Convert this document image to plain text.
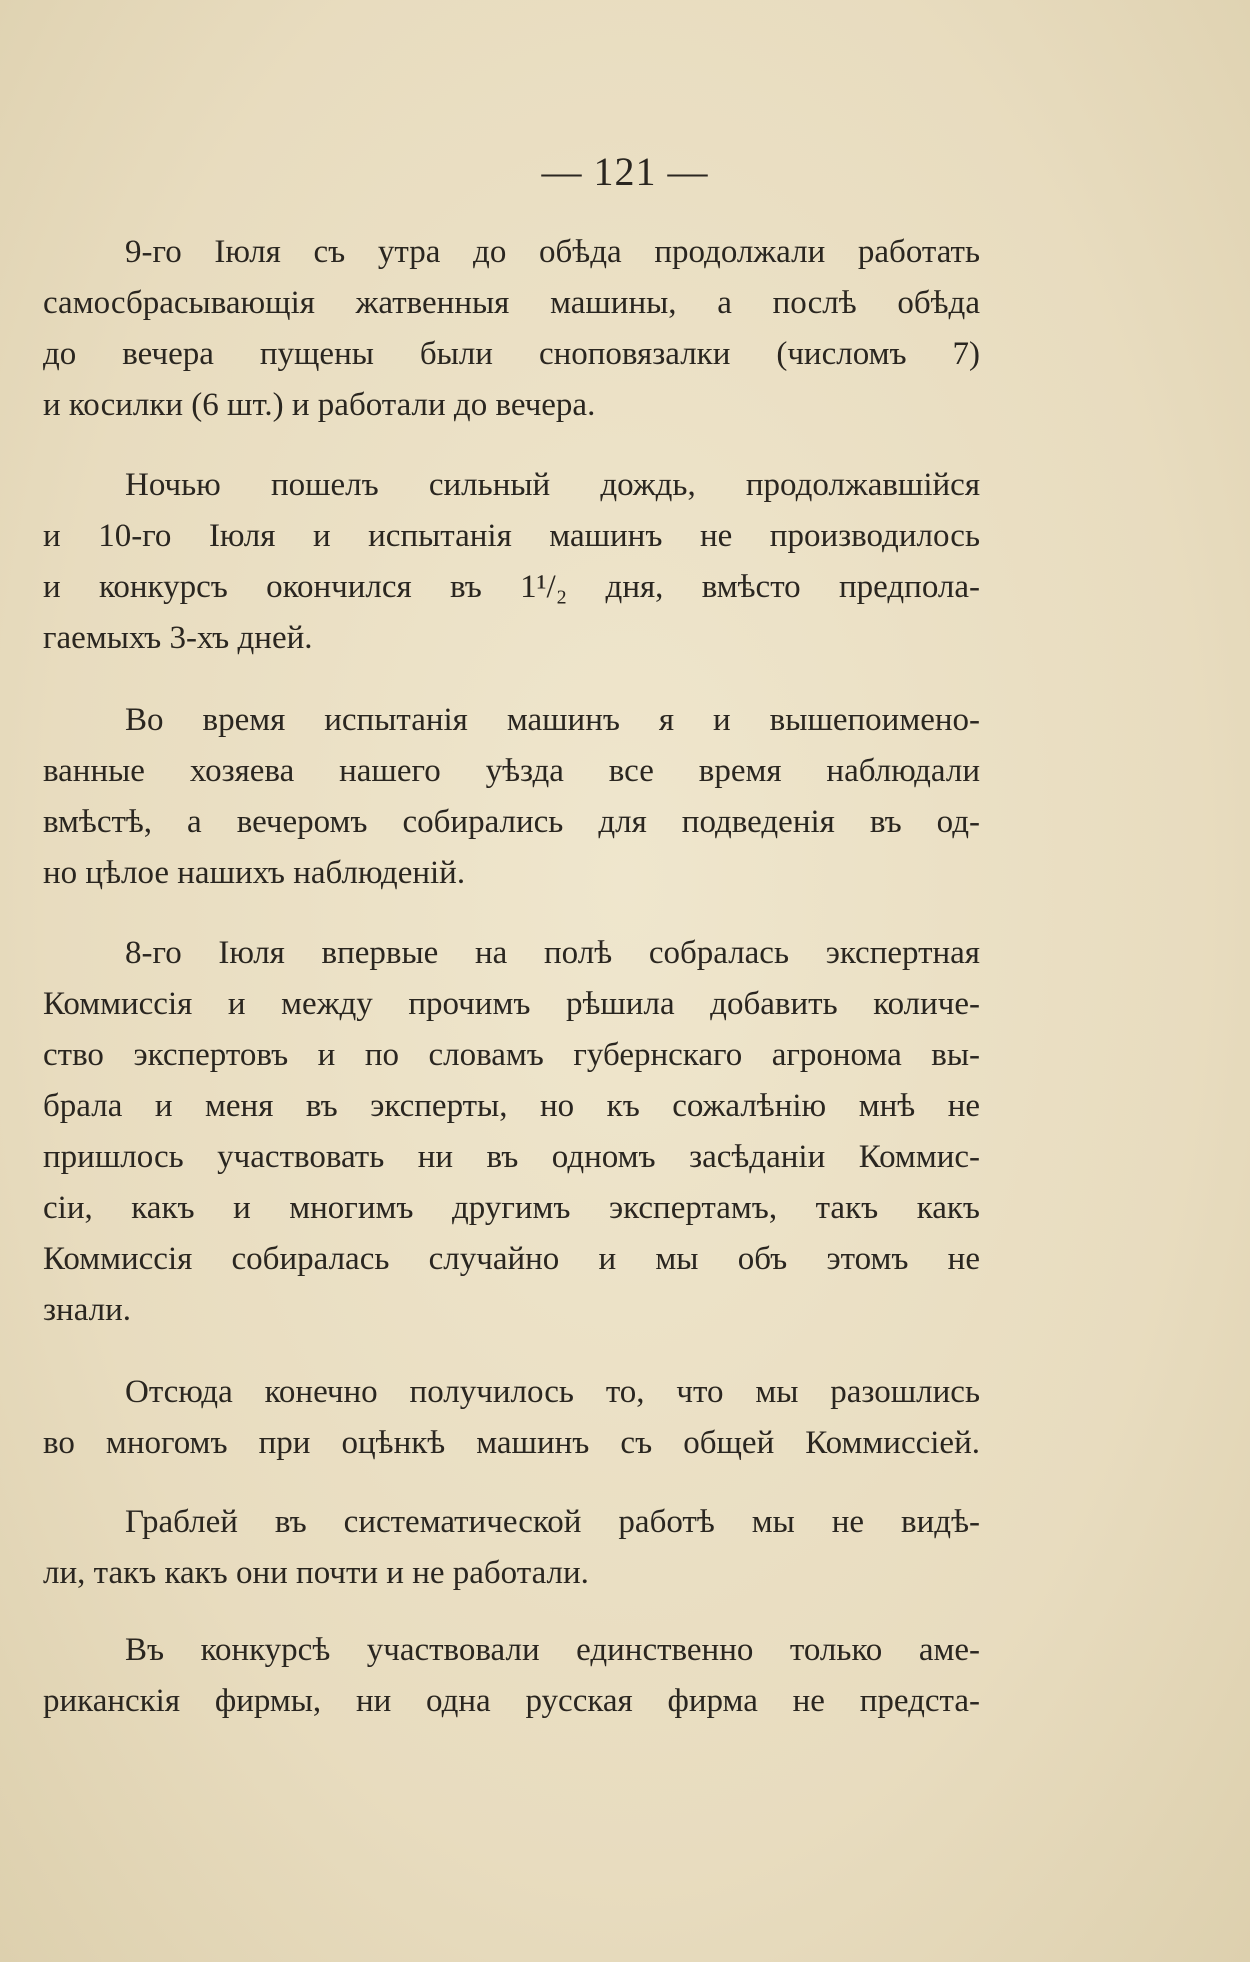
— 121 —
9-го Іюля съ утра до обѣда продолжали работать
самосбрасывающія жатвенныя машины, а послѣ обѣда
до вечера пущены были сноповязалки (числомъ 7)
и косилки (6 шт.) и работали до вечера.
Ночью пошелъ сильный дождь, продолжавшійся
и 10-го Іюля и испытанія машинъ не производилось
и конкурсъ окончился въ 1¹/₂ дня, вмѣсто предпола-
гаемыхъ 3-хъ дней.
Во время испытанія машинъ я и вышепоимено-
ванные хозяева нашего уѣзда все время наблюдали
вмѣстѣ, а вечеромъ собирались для подведенія въ од-
но цѣлое нашихъ наблюденій.
8-го Іюля впервые на полѣ собралась экспертная
Коммиссія и между прочимъ рѣшила добавить количе-
ство экспертовъ и по словамъ губернскаго агронома вы-
брала и меня въ эксперты, но къ сожалѣнію мнѣ не
пришлось участвовать ни въ одномъ засѣданіи Коммис-
сіи, какъ и многимъ другимъ экспертамъ, такъ какъ
Коммиссія собиралась случайно и мы объ этомъ не
знали.
Отсюда конечно получилось то, что мы разошлись
во многомъ при оцѣнкѣ машинъ съ общей Коммиссіей.
Граблей въ систематической работѣ мы не видѣ-
ли, такъ какъ они почти и не работали.
Въ конкурсѣ участвовали единственно только аме-
риканскія фирмы, ни одна русская фирма не предста-
